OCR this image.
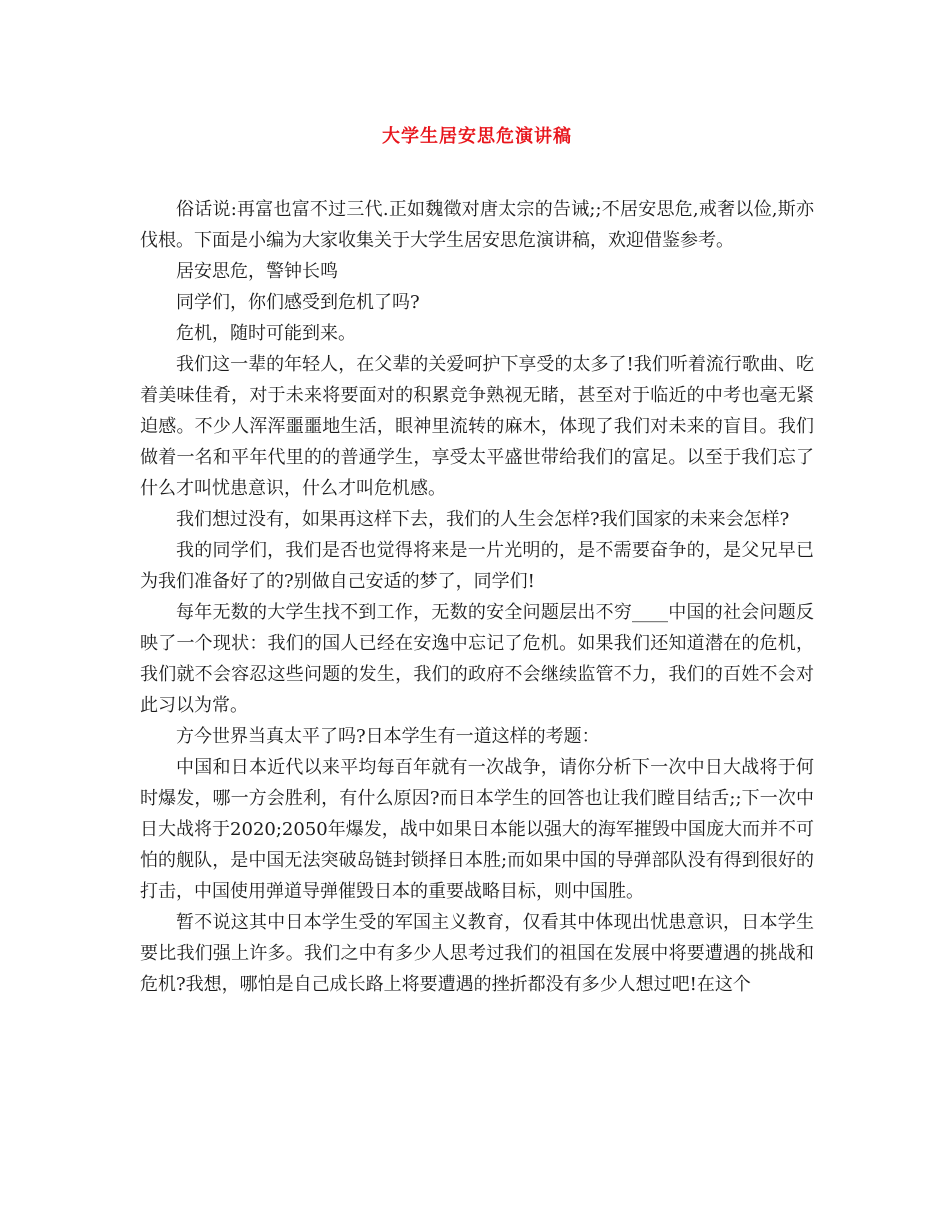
大学生居安思危演讲稿

俗话说:再富也富不过三代.正如魏徵对唐太宗的告诫;;不居安思危,戒奢以俭,斯亦伐根。下面是小编为大家收集关于大学生居安思危演讲稿，欢迎借鉴参考。

居安思危，警钟长鸣

同学们，你们感受到危机了吗?

危机，随时可能到来。

我们这一辈的年轻人，在父辈的关爱呵护下享受的太多了!我们听着流行歌曲、吃着美味佳肴，对于未来将要面对的积累竞争熟视无睹，甚至对于临近的中考也毫无紧迫感。不少人浑浑噩噩地生活，眼神里流转的麻木，体现了我们对未来的盲目。我们做着一名和平年代里的的普通学生，享受太平盛世带给我们的富足。以至于我们忘了什么才叫忧患意识，什么才叫危机感。

我们想过没有，如果再这样下去，我们的人生会怎样?我们国家的未来会怎样?

我的同学们，我们是否也觉得将来是一片光明的，是不需要奋争的，是父兄早已为我们准备好了的?别做自己安适的梦了，同学们!

每年无数的大学生找不到工作，无数的安全问题层出不穷____中国的社会问题反映了一个现状：我们的国人已经在安逸中忘记了危机。如果我们还知道潜在的危机，我们就不会容忍这些问题的发生，我们的政府不会继续监管不力，我们的百姓不会对此习以为常。

方今世界当真太平了吗?日本学生有一道这样的考题：

中国和日本近代以来平均每百年就有一次战争，请你分析下一次中日大战将于何时爆发，哪一方会胜利，有什么原因?而日本学生的回答也让我们瞠目结舌;;下一次中日大战将于2020;2050年爆发，战中如果日本能以强大的海军摧毁中国庞大而并不可怕的舰队，是中国无法突破岛链封锁择日本胜;而如果中国的导弹部队没有得到很好的打击，中国使用弹道导弹催毁日本的重要战略目标，则中国胜。

暂不说这其中日本学生受的军国主义教育，仅看其中体现出忧患意识，日本学生要比我们强上许多。我们之中有多少人思考过我们的祖国在发展中将要遭遇的挑战和危机?我想，哪怕是自己成长路上将要遭遇的挫折都没有多少人想过吧!在这个
